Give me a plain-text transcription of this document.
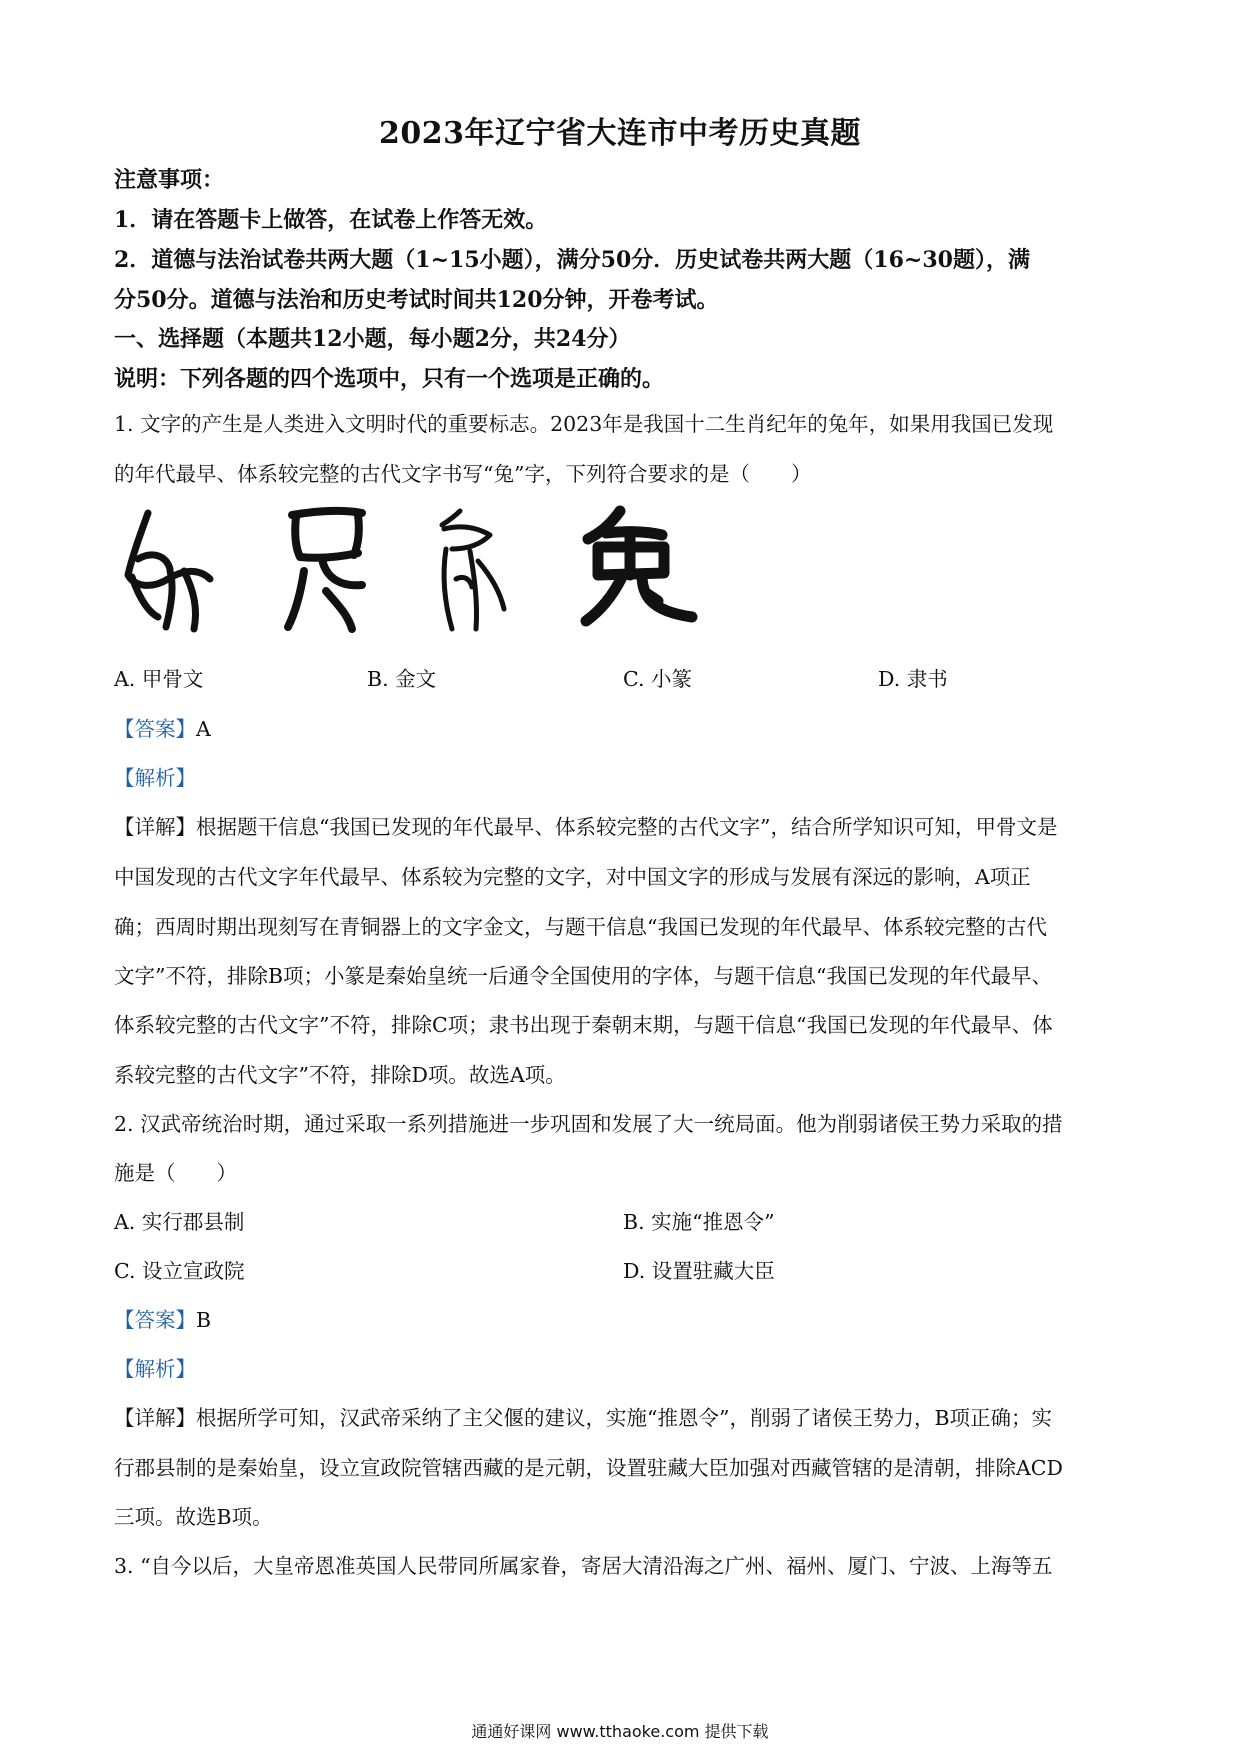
2023年辽宁省大连市中考历史真题
注意事项：
1．请在答题卡上做答，在试卷上作答无效。
2．道德与法治试卷共两大题（1~15小题），满分50分．历史试卷共两大题（16~30题），满
分50分。道德与法治和历史考试时间共120分钟，开卷考试。
一、选择题（本题共12小题，每小题2分，共24分）
说明：下列各题的四个选项中，只有一个选项是正确的。
1. 文字的产生是人类进入文明时代的重要标志。2023年是我国十二生肖纪年的兔年，如果用我国已发现
的年代最早、体系较完整的古代文字书写“兔”字，下列符合要求的是（　　）
A. 甲骨文	B. 金文	C. 小篆	D. 隶书
【答案】A
【解析】
【详解】根据题干信息“我国已发现的年代最早、体系较完整的古代文字”，结合所学知识可知，甲骨文是
中国发现的古代文字年代最早、体系较为完整的文字，对中国文字的形成与发展有深远的影响，A项正
确；西周时期出现刻写在青铜器上的文字金文，与题干信息“我国已发现的年代最早、体系较完整的古代
文字”不符，排除B项；小篆是秦始皇统一后通令全国使用的字体，与题干信息“我国已发现的年代最早、
体系较完整的古代文字”不符，排除C项；隶书出现于秦朝末期，与题干信息“我国已发现的年代最早、体
系较完整的古代文字”不符，排除D项。故选A项。
2. 汉武帝统治时期，通过采取一系列措施进一步巩固和发展了大一统局面。他为削弱诸侯王势力采取的措
施是（　　）
A. 实行郡县制	B. 实施“推恩令”
C. 设立宣政院	D. 设置驻藏大臣
【答案】B
【解析】
【详解】根据所学可知，汉武帝采纳了主父偃的建议，实施“推恩令”，削弱了诸侯王势力，B项正确；实
行郡县制的是秦始皇，设立宣政院管辖西藏的是元朝，设置驻藏大臣加强对西藏管辖的是清朝，排除ACD
三项。故选B项。
3. “自今以后，大皇帝恩准英国人民带同所属家眷，寄居大清沿海之广州、福州、厦门、宁波、上海等五
通通好课网 www.tthaoke.com 提供下载
